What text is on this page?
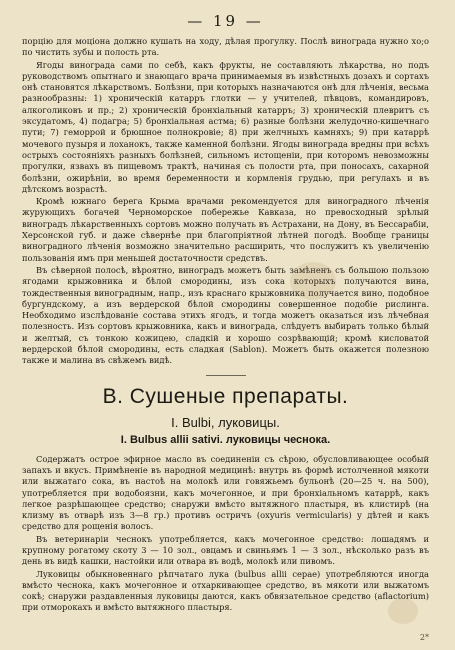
— 19 —

порцію для моціона должно кушать на ходу, дѣлая прогулку. Послѣ винограда нужно хо;о по чистить зубы и полость рта.

Ягоды винограда сами по себѣ, какъ фрукты, не составляють лѣкарства, но подъ руководствомъ опытнаго и знающаго врача принимаемыя въ извѣстныхъ дозахъ и сортахъ онѣ становятся лѣкарствомъ. Болѣзни, при которыхъ назначаются онѣ для лѣченія, весьма разнообразны: 1) хроническій катарръ глотки — у учителей, пѣвцовъ, командировъ, алкоголиковъ и пр.; 2) хроническій бронхіальный катарръ; 3) хроническій плевритъ съ эксудатомъ, 4) подагра; 5) бронхіальная астма; 6) разные болѣзни желудочно-кишечнаго пути; 7) геморрой и брюшное полнокровіе; 8) при желчныхъ камняхъ; 9) при катаррѣ мочевого пузыря и лоханокъ, также каменной болѣзни. Ягоды винограда вредны при всѣхъ острыхъ состояніяхъ разныхъ болѣзней, сильномъ истощеніи, при которомъ невозможны прогулки, язвахъ въ пищевомъ трактѣ, начиная съ полости рта, при поносахъ, сахарной болѣзни, ожирѣніи, во время беременности и кормленія грудью, при регулахъ и въ дѣтскомъ возрастѣ.

Кромѣ южнаго берега Крыма врачами рекомендуется для виноградного лѣченія журующихъ богачей Черноморское побережье Кавказа, но превосходный зрѣлый виноградъ лѣкарственныхъ сортовъ можно получать въ Астрахани, на Дону, въ Бессарабіи, Херсонской губ. и даже сѣвернѣе при благопріятной лѣтней погодѣ. Вообще границы виноградного лѣченія возможно значительно расширить, что послужитъ къ увеличенію пользованія имъ при меньшей достаточности средствъ.

Въ сѣверной полосѣ, вѣроятно, виноградъ можетъ быть замѣненъ съ большою пользою ягодами крыжовника и бѣлой смородины, изъ сока которыхъ получаются вина, тождественныя виноградным, напр., изъ краснаго крыжовника получается вино, подобное бургундскому, а изъ вердерской бѣлой смородины совершенное подобіе рислинга. Необходимо изслѣдованіе состава этихъ ягодъ, и тогда можетъ оказаться изъ лѣчебная полезность. Изъ сортовъ крыжовника, какъ и винограда, слѣдуетъ выбирать только бѣлый и желтый, съ тонкою кожицею, сладкій и хорошо созрѣвающій; кромѣ кисловатой вердерской бѣлой смородины, есть сладкая (Sablon). Можетъ быть окажется полезною также и малина въ свѣжемъ видѣ.

В. Сушеные препараты.
I. Bulbi, луковицы.
I. Bulbus allii sativi. луковицы чеснока.

Содержатъ острое эфирное масло въ соединеніи съ сѣрою, обусловливающее особый запахъ и вкусъ. Примѣненіе въ народной медицинѣ: внутрь въ формѣ истолченной мякоти или выжатаго сока, въ настоѣ на молокѣ или говяжьемъ бульонѣ (20—25 ч. на 500), употребляется при водобоязни, какъ мочегонное, и при бронхіальномъ катаррѣ, какъ легкое разрѣшающее средство; снаружи вмѣсто вытяжного пластыря, въ клистирѣ (на клизму въ отварѣ изъ 3—8 гр.) противъ остричъ (oxyuris vermicularis) у дѣтей и какъ средство для рощенія волосъ.

Въ ветеринаріи чеснокъ употребляется, какъ мочегонное средство: лошадямъ и крупному рогатому скоту 3 — 10 зол., овцамъ и свиньямъ 1 — 3 зол., нѣсколько разъ въ день въ видѣ кашки, настойки или отвара въ водѣ, молокѣ или пивомъ.

Луковицы обыкновеннаго рѣпчатаго лука (bulbus allii cepae) употребляются иногда вмѣсто чеснока, какъ мочегонное и отхаркивающее средство, въ мякоти или выжатомъ сокѣ; снаружи раздавленныя луковицы даются, какъ обвязательное средство (aflactorium) при отморокахъ и вмѣсто вытяжного пластыря.

2*
